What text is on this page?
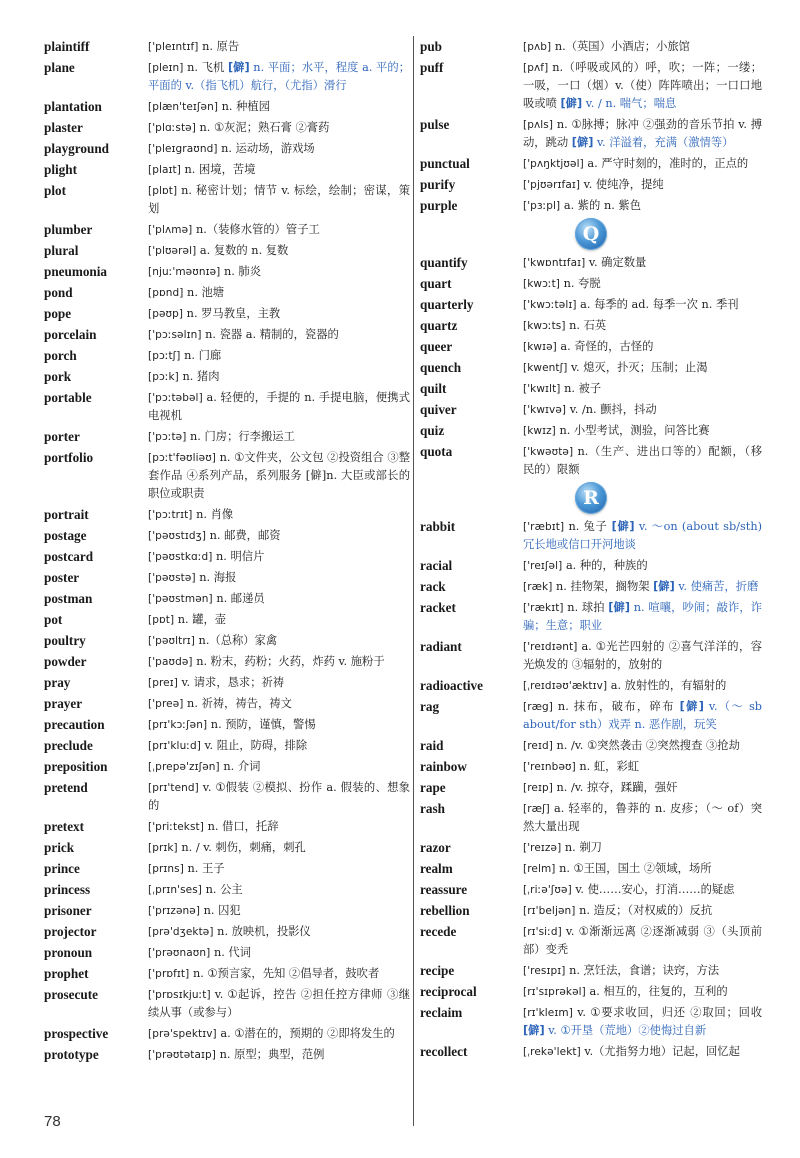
plaintiff	['pleɪntɪf] n. 原告
plane	[pleɪn] n. 飞机 [僻] n. 平面；水平，程度 a. 平的；平面的 v.（指飞机）航行，（尤指）滑行
plantation	[plæn'teɪʃən] n. 种植园
plaster	['plɑːstə] n. ①灰泥；熟石膏 ②膏药
playground	['pleɪgraʊnd] n. 运动场，游戏场
plight	[plaɪt] n. 困境，苦境
plot	[plɒt] n. 秘密计划；情节 v. 标绘，绘制；密谋，策划
plumber	['plʌmə] n.（装修水管的）管子工
plural	['plʊərəl] a. 复数的 n. 复数
pneumonia	[njuː'məʊnɪə] n. 肺炎
pond	[pɒnd] n. 池塘
pope	[pəʊp] n. 罗马教皇，主教
porcelain	['pɔːsəlɪn] n. 瓷器 a. 精制的，瓷器的
porch	[pɔːtʃ] n. 门廊
pork	[pɔːk] n. 猪肉
portable	['pɔːtəbəl] a. 轻便的，手提的 n. 手提电脑，便携式电视机
porter	['pɔːtə] n. 门房；行李搬运工
portfolio	[pɔːt'fəʊliəʊ] n. ①文件夹，公文包 ②投资组合 ③整套作品 ④系列产品，系列服务 [僻]n. 大臣或部长的职位或职责
portrait	['pɔːtrɪt] n. 肖像
postage	['pəʊstɪdʒ] n. 邮费，邮资
postcard	['pəʊstkɑːd] n. 明信片
poster	['pəʊstə] n. 海报
postman	['pəʊstmən] n. 邮递员
pot	[pɒt] n. 罐，壶
poultry	['pəʊltrɪ] n.（总称）家禽
powder	['paʊdə] n. 粉末，药粉；火药，炸药 v. 施粉于
pray	[preɪ] v. 请求，恳求；祈祷
prayer	['preə] n. 祈祷，祷告，祷文
precaution	[prɪ'kɔːʃən] n. 预防，谨慎，警惕
preclude	[prɪ'kluːd] v. 阻止，防碍，排除
preposition	[ˌprepə'zɪʃən] n. 介词
pretend	[prɪ'tend] v. ①假装 ②模拟、扮作 a. 假装的、想象的
pretext	['priːtekst] n. 借口，托辞
prick	[prɪk] n. / v. 刺伤，刺痛，刺孔
prince	[prɪns] n. 王子
princess	[ˌprɪn'ses] n. 公主
prisoner	['prɪzənə] n. 囚犯
projector	[prə'dʒektə] n. 放映机，投影仪
pronoun	['prəʊnaʊn] n. 代词
prophet	['prɒfɪt] n. ①预言家，先知 ②倡导者，鼓吹者
prosecute	['prɒsɪkjuːt] v. ①起诉，控告 ②担任控方律师 ③继续从事（或参与）
prospective	[prə'spektɪv] a. ①潜在的，预期的 ②即将发生的
prototype	['prəʊtətaɪp] n. 原型；典型，范例
pub	[pʌb] n.（英国）小酒店；小旅馆
puff	[pʌf] n.（呼吸或风的）呼，吹；一阵；一缕；一吸，一口（烟）v.（使）阵阵喷出；一口口地吸或喷 [僻] v. / n. 喘气；喘息
pulse	[pʌls] n. ①脉搏；脉冲 ②强劲的音乐节拍 v. 搏动，跳动 [僻] v. 洋溢着，充满（激情等）
punctual	['pʌŋktjʊəl] a. 严守时刻的，准时的，正点的
purify	['pjʊərɪfaɪ] v. 使纯净，提纯
purple	['pɜːpl] a. 紫的 n. 紫色
Q
quantify	['kwɒntɪfaɪ] v. 确定数量
quart	[kwɔːt] n. 夸脱
quarterly	['kwɔːtəlɪ] a. 每季的 ad. 每季一次 n. 季刊
quartz	[kwɔːts] n. 石英
queer	[kwɪə] a. 奇怪的，古怪的
quench	[kwentʃ] v. 熄灭，扑灭；压制；止渴
quilt	['kwɪlt] n. 被子
quiver	['kwɪvə] v. /n. 颤抖，抖动
quiz	[kwɪz] n. 小型考试，测验，问答比赛
quota	['kwəʊtə] n.（生产、进出口等的）配额，（移民的）限额
R
rabbit	['ræbɪt] n. 兔子 [僻] v. ～on (about sb/sth) 冗长地或信口开河地谈
racial	['reɪʃəl] a. 种的，种族的
rack	[ræk] n. 挂物架，搁物架 [僻] v. 使痛苦，折磨
racket	['rækɪt] n. 球拍 [僻] n. 喧嚷，吵闹；敲诈，诈骗；生意；职业
radiant	['reɪdɪənt] a. ①光芒四射的 ②喜气洋洋的，容光焕发的 ③辐射的，放射的
radioactive	[ˌreɪdɪəʊ'æktɪv] a. 放射性的，有辐射的
rag	[ræg] n. 抹布，破布，碎布 [僻] v.（～ sb about/for sth）戏弄 n. 恶作剧，玩笑
raid	[reɪd] n. /v. ①突然袭击 ②突然搜查 ③抢劫
rainbow	['reɪnbəʊ] n. 虹，彩虹
rape	[reɪp] n. /v. 掠夺，蹂躏，强奸
rash	[ræʃ] a. 轻率的，鲁莽的 n. 皮疹；（～ of）突然大量出现
razor	['reɪzə] n. 剃刀
realm	[relm] n. ①王国，国土 ②领域，场所
reassure	[ˌriːə'ʃʊə] v. 使……安心，打消……的疑虑
rebellion	[rɪ'beljən] n. 造反；（对权威的）反抗
recede	[rɪ'siːd] v. ①渐渐远离 ②逐渐减弱 ③（头顶前部）变秃
recipe	['resɪpɪ] n. 烹饪法，食谱；诀窍，方法
reciprocal	[rɪ'sɪprəkəl] a. 相互的，往复的，互利的
reclaim	[rɪ'kleɪm] v. ①要求收回，归还 ②取回；回收 [僻] v. ①开垦（荒地）②使悔过自新
recollect	[ˌrekə'lekt] v.（尤指努力地）记起，回忆起
78
